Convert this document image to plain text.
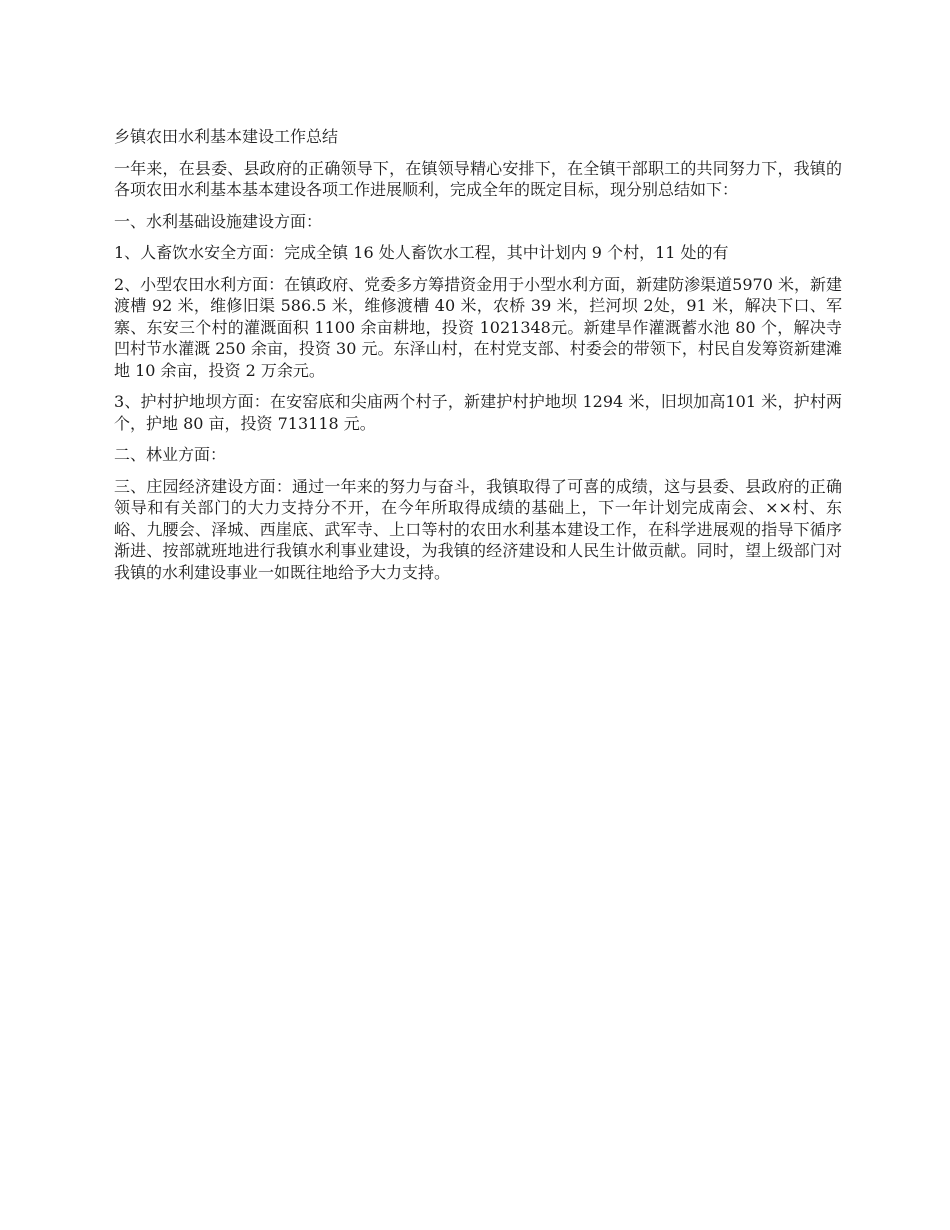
乡镇农田水利基本建设工作总结

一年来，在县委、县政府的正确领导下，在镇领导精心安排下，在全镇干部职工的共同努力下，我镇的各项农田水利基本基本建设各项工作进展顺利，完成全年的既定目标，现分别总结如下：

一、水利基础设施建设方面：

1、人畜饮水安全方面：完成全镇 16 处人畜饮水工程，其中计划内 9 个村，11 处的有

2、小型农田水利方面：在镇政府、党委多方筹措资金用于小型水利方面，新建防渗渠道5970 米，新建渡槽 92 米，维修旧渠 586.5 米，维修渡槽 40 米，农桥 39 米，拦河坝 2处，91 米，解决下口、军寨、东安三个村的灌溉面积 1100 余亩耕地，投资 1021348元。新建旱作灌溉蓄水池 80 个，解决寺凹村节水灌溉 250 余亩，投资 30 元。东泽山村，在村党支部、村委会的带领下，村民自发筹资新建滩地 10 余亩，投资 2 万余元。

3、护村护地坝方面：在安窑底和尖庙两个村子，新建护村护地坝 1294 米，旧坝加高101 米，护村两个，护地 80 亩，投资 713118 元。

二、林业方面：

三、庄园经济建设方面：通过一年来的努力与奋斗，我镇取得了可喜的成绩，这与县委、县政府的正确领导和有关部门的大力支持分不开，在今年所取得成绩的基础上，下一年计划完成南会、××村、东峪、九腰会、泽城、西崖底、武军寺、上口等村的农田水利基本建设工作，在科学进展观的指导下循序渐进、按部就班地进行我镇水利事业建设，为我镇的经济建设和人民生计做贡献。同时，望上级部门对我镇的水利建设事业一如既往地给予大力支持。
